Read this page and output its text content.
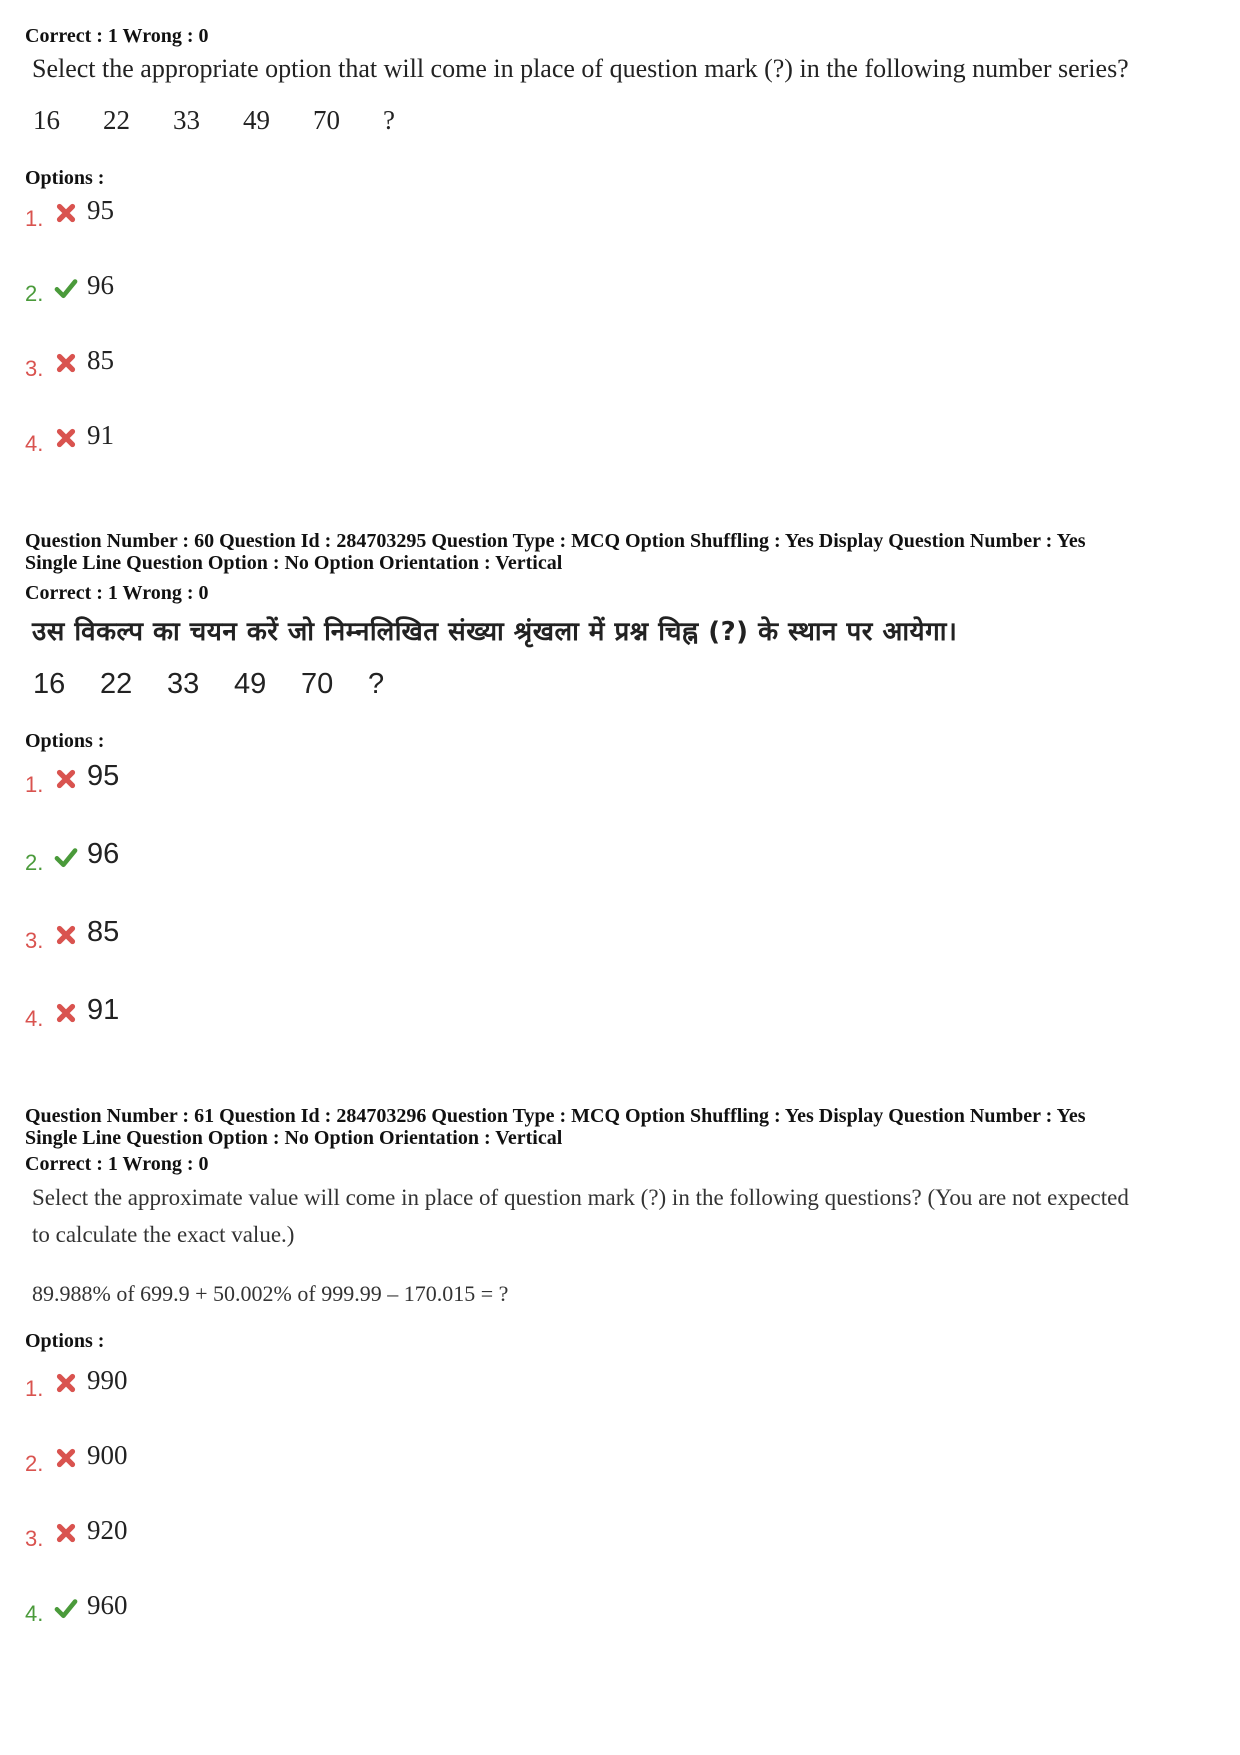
Correct : 1 Wrong : 0

Select the appropriate option that will come in place of question mark (?) in the following number series?

16	22	33	49	70	?

Options :

1.	95
2.	96
3.	85
4.	91

Question Number : 60 Question Id : 284703295 Question Type : MCQ Option Shuffling : Yes Display Question Number : Yes

Single Line Question Option : No Option Orientation : Vertical

Correct : 1 Wrong : 0

उस विकल्प का चयन करें जो निम्नलिखित संख्या श्रृंखला में प्रश्न चिह्न (?) के स्थान पर आयेगा।

16	22	33	49	70	?

Options :

1.	95
2.	96
3.	85
4.	91

Question Number : 61 Question Id : 284703296 Question Type : MCQ Option Shuffling : Yes Display Question Number : Yes

Single Line Question Option : No Option Orientation : Vertical

Correct : 1 Wrong : 0

Select the approximate value will come in place of question mark (?) in the following questions? (You are not expected

to calculate the exact value.)

89.988% of 699.9 + 50.002% of 999.99 – 170.015 = ?

Options :

1.	990
2.	900
3.	920
4.	960
